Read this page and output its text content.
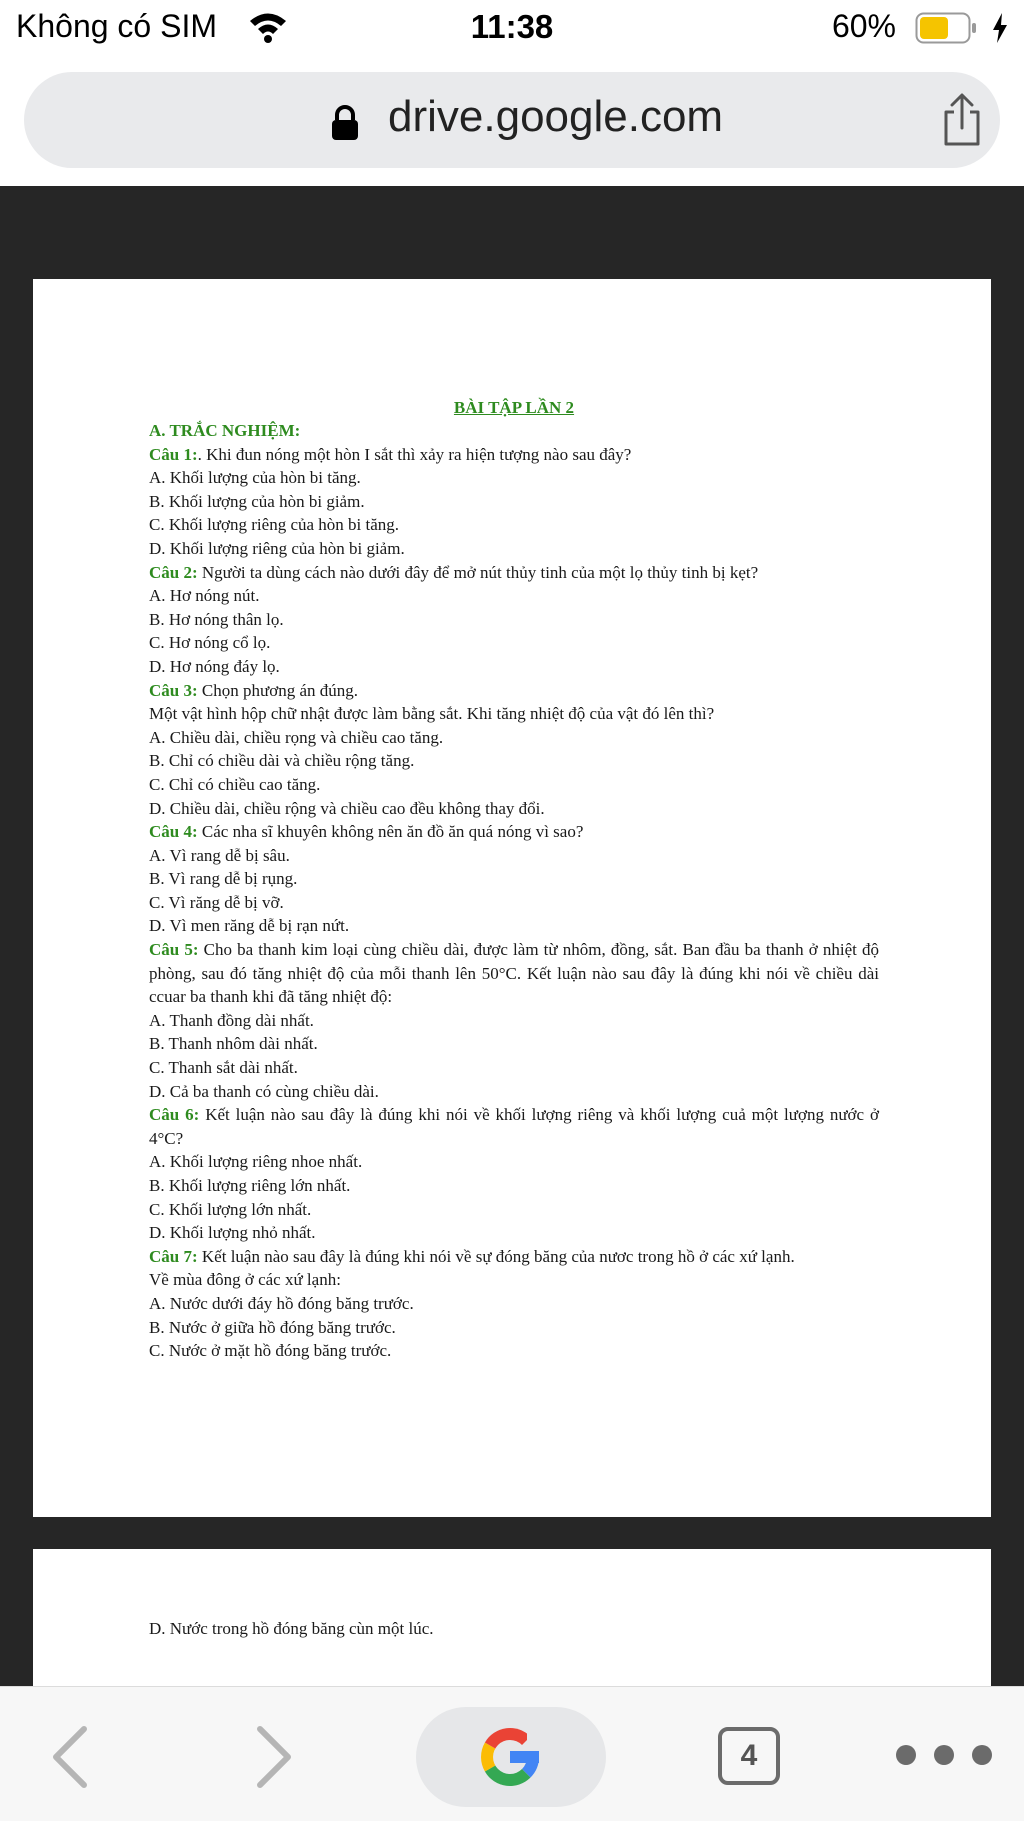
Không có SIM	11:38	60%
drive.google.com
BÀI TẬP LẦN 2
A. TRẮC NGHIỆM:
Câu 1:. Khi đun nóng một hòn I sắt thì xảy ra hiện tượng nào sau đây?
A. Khối lượng của hòn bi tăng.
B. Khối lượng của hòn bi giảm.
C. Khối lượng riêng của hòn bi tăng.
D. Khối lượng riêng của hòn bi giảm.
Câu 2: Người ta dùng cách nào dưới đây để mở nút thủy tinh của một lọ thủy tinh bị kẹt?
A. Hơ nóng nút.
B. Hơ nóng thân lọ.
C. Hơ nóng cổ lọ.
D. Hơ nóng đáy lọ.
Câu 3: Chọn phương án đúng.
Một vật hình hộp chữ nhật được làm bằng sắt. Khi tăng nhiệt độ của vật đó lên thì?
A. Chiều dài, chiều rọng và chiều cao tăng.
B. Chỉ có chiều dài và chiều rộng tăng.
C. Chỉ có chiều cao tăng.
D. Chiều dài, chiều rộng và chiều cao đều không thay đổi.
Câu 4: Các nha sĩ khuyên không nên ăn đồ ăn quá nóng vì sao?
A. Vì rang dễ bị sâu.
B. Vì rang dễ bị rụng.
C. Vì răng dễ bị vỡ.
D. Vì men răng dễ bị rạn nứt.
Câu 5: Cho ba thanh kim loại cùng chiều dài, được làm từ nhôm, đồng, sắt. Ban đầu ba thanh ở nhiệt độ phòng, sau đó tăng nhiệt độ của mỗi thanh lên 50°C. Kết luận nào sau đây là đúng khi nói về chiều dài ccuar ba thanh khi đã tăng nhiệt độ:
A. Thanh đồng dài nhất.
B. Thanh nhôm dài nhất.
C. Thanh sắt dài nhất.
D. Cả ba thanh có cùng chiều dài.
Câu 6: Kết luận nào sau đây là đúng khi nói về khối lượng riêng và khối lượng cuả một lượng nước ở 4°C?
A. Khối lượng riêng nhoe nhất.
B. Khối lượng riêng lớn nhất.
C. Khối lượng lớn nhất.
D. Khối lượng nhỏ nhất.
Câu 7: Kết luận nào sau đây là đúng khi nói về sự đóng băng của nươc trong hồ ở các xứ lạnh.
Về mùa đông ở các xứ lạnh:
A. Nước dưới đáy hồ đóng băng trước.
B. Nước ở giữa hồ đóng băng trước.
C. Nước ở mặt hồ đóng băng trước.
D. Nước trong hồ đóng băng cùn một lúc.
4
